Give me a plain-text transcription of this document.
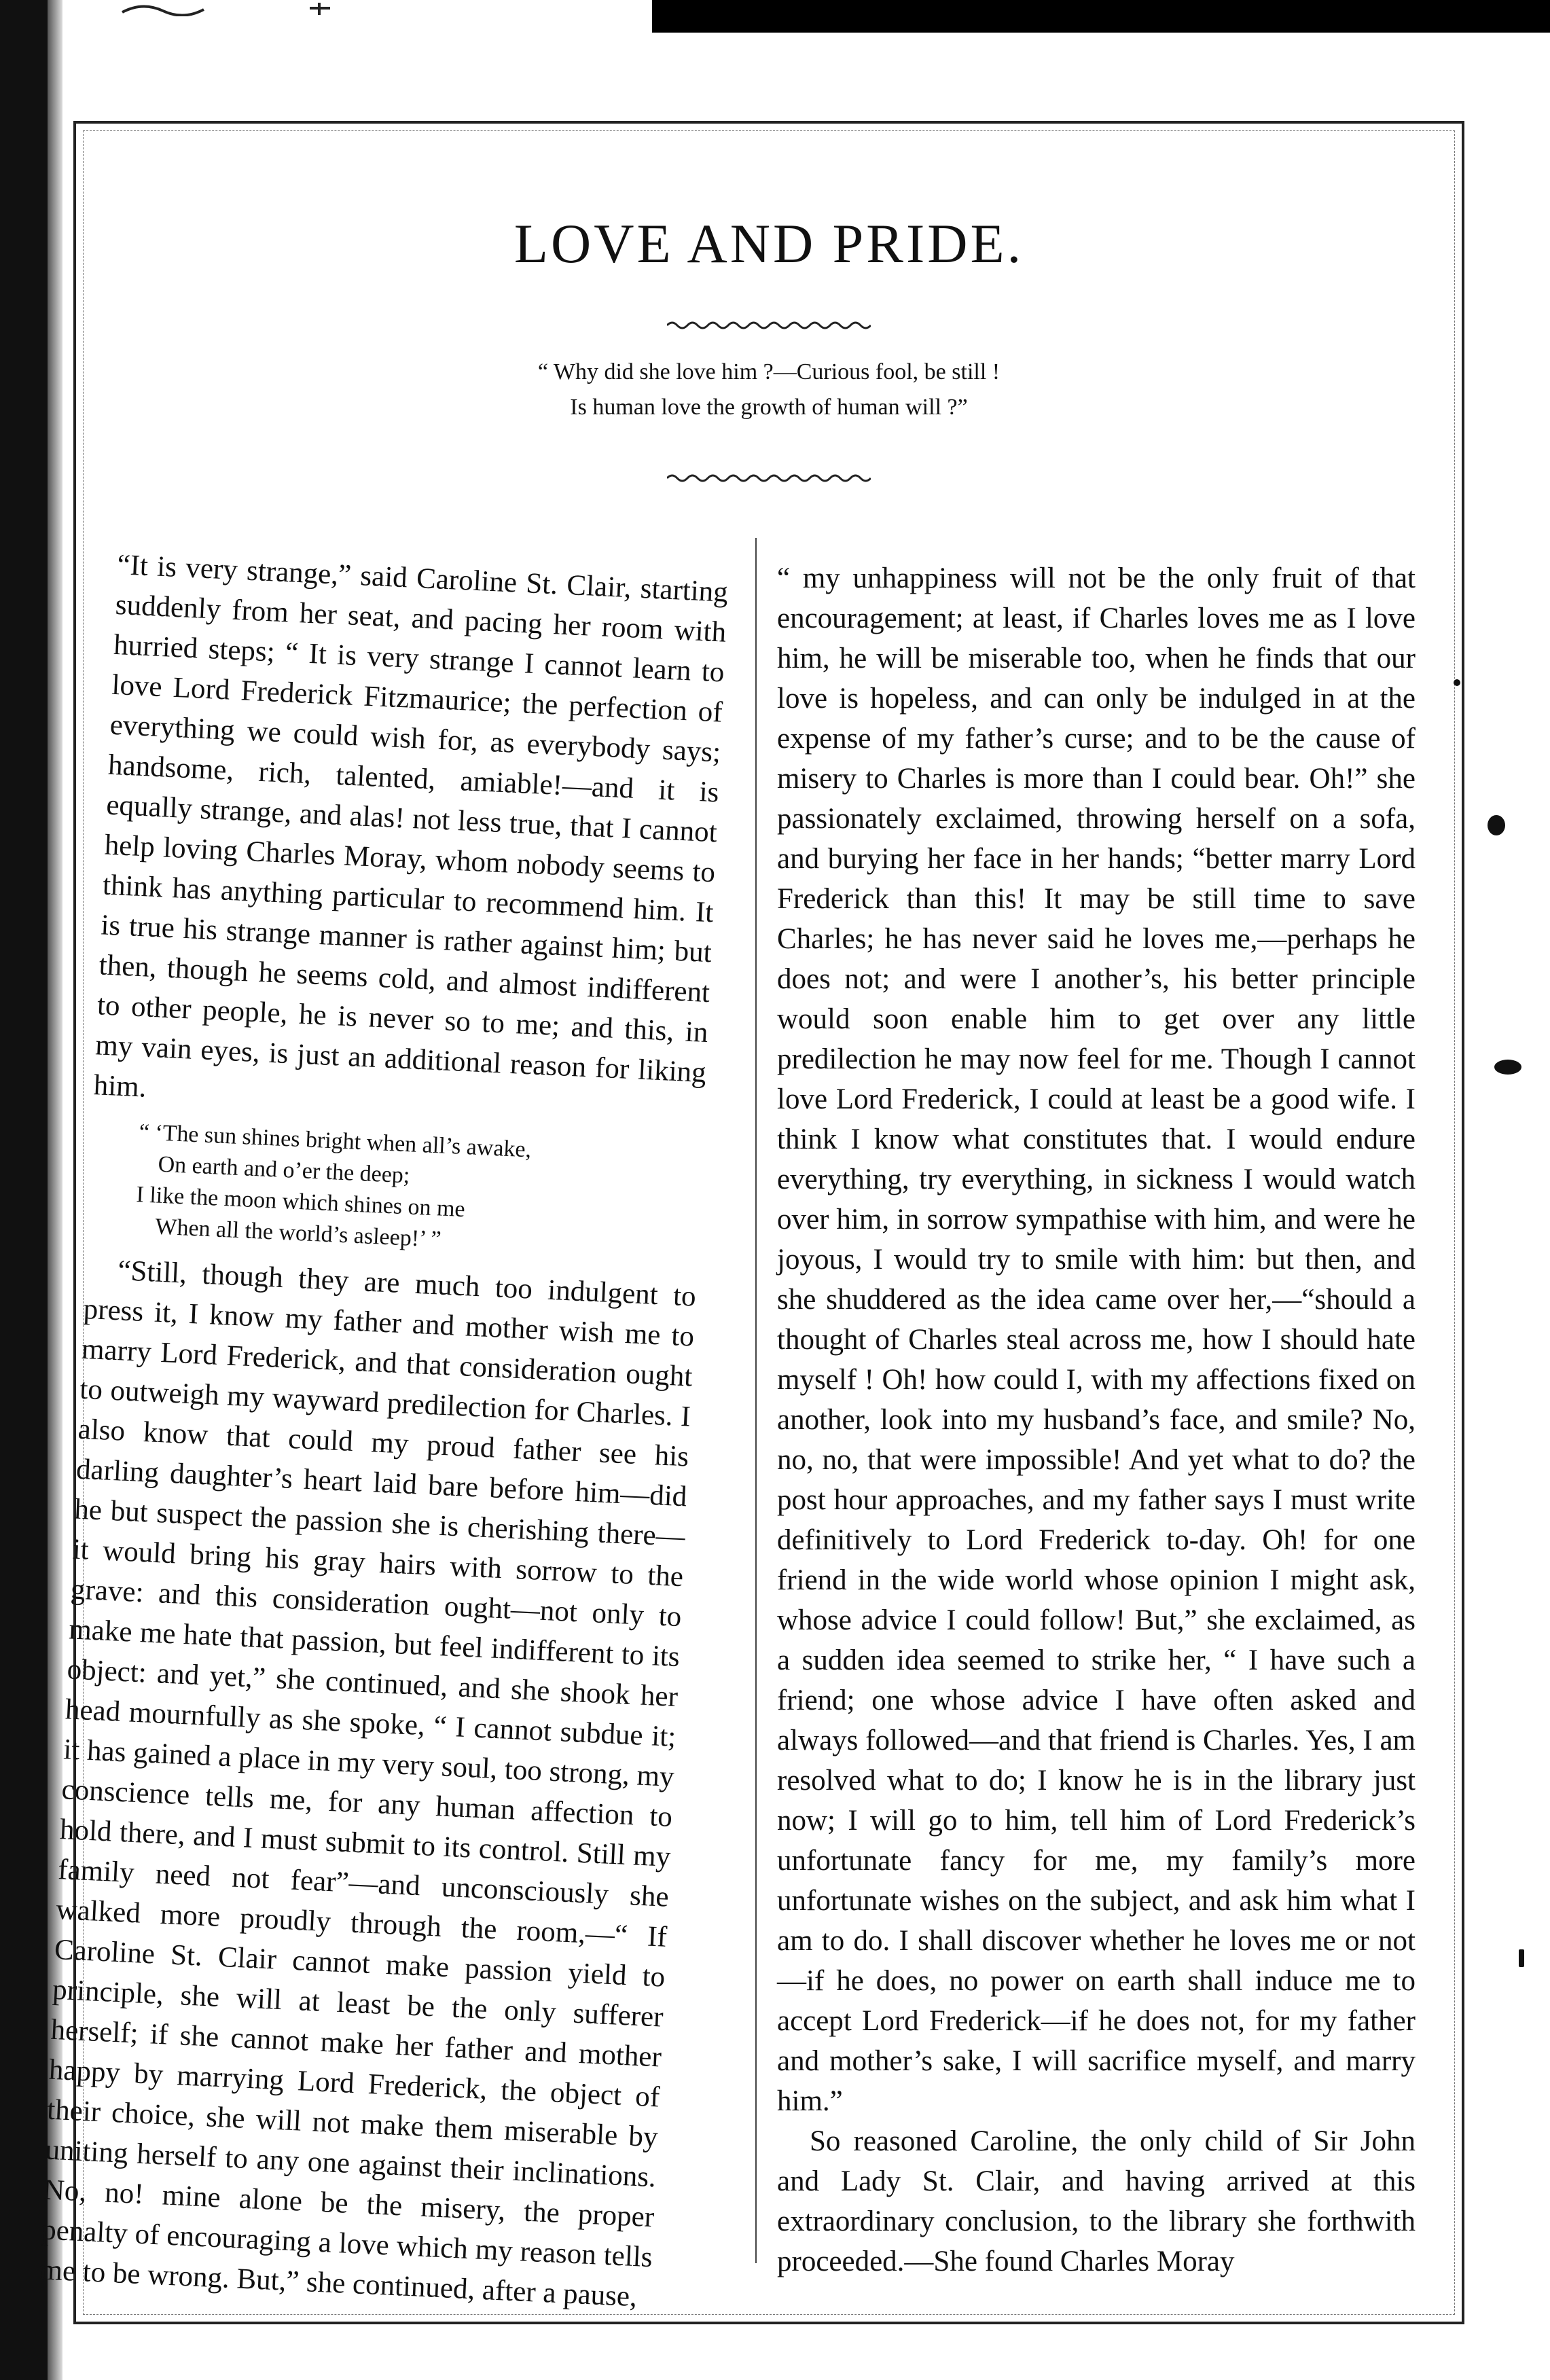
LOVE AND PRIDE.
“ Why did she love him ?—Curious fool, be still !
Is human love the growth of human will ?”

“It is very strange,” said Caroline St. Clair, starting suddenly from her seat, and pacing her room with hurried steps; “ It is very strange I cannot learn to love Lord Frederick Fitzmaurice; the perfection of everything we could wish for, as everybody says; handsome, rich, talented, amiable!—and it is equally strange, and alas! not less true, that I cannot help loving Charles Moray, whom nobody seems to think has anything particular to recommend him. It is true his strange manner is rather against him; but then, though he seems cold, and almost indifferent to other people, he is never so to me; and this, in my vain eyes, is just an additional reason for liking him.

“ ‘The sun shines bright when all’s awake,
On earth and o’er the deep;
I like the moon which shines on me
When all the world’s asleep!’ ”

“Still, though they are much too indulgent to press it, I know my father and mother wish me to marry Lord Frederick, and that consideration ought to outweigh my wayward predilection for Charles. I also know that could my proud father see his darling daughter’s heart laid bare before him—did he but suspect the passion she is cherishing there—it would bring his gray hairs with sorrow to the grave: and this consideration ought—not only to make me hate that passion, but feel indifferent to its object: and yet,” she continued, and she shook her head mournfully as she spoke, “ I cannot subdue it; it has gained a place in my very soul, too strong, my conscience tells me, for any human affection to hold there, and I must submit to its control. Still my family need not fear”—and unconsciously she walked more proudly through the room,—“ If Caroline St. Clair cannot make passion yield to principle, she will at least be the only sufferer herself; if she cannot make her father and mother happy by marrying Lord Frederick, the object of their choice, she will not make them miserable by uniting herself to any one against their inclinations. No, no! mine alone be the misery, the proper penalty of encouraging a love which my reason tells me to be wrong. But,” she continued, after a pause,

“ my unhappiness will not be the only fruit of that encouragement; at least, if Charles loves me as I love him, he will be miserable too, when he finds that our love is hopeless, and can only be indulged in at the expense of my father’s curse; and to be the cause of misery to Charles is more than I could bear. Oh!” she passionately exclaimed, throwing herself on a sofa, and burying her face in her hands; “better marry Lord Frederick than this! It may be still time to save Charles; he has never said he loves me,—perhaps he does not; and were I another’s, his better principle would soon enable him to get over any little predilection he may now feel for me. Though I cannot love Lord Frederick, I could at least be a good wife. I think I know what constitutes that. I would endure everything, try everything, in sickness I would watch over him, in sorrow sympathise with him, and were he joyous, I would try to smile with him: but then, and she shuddered as the idea came over her,—“should a thought of Charles steal across me, how I should hate myself ! Oh! how could I, with my affections fixed on another, look into my husband’s face, and smile? No, no, no, that were impossible! And yet what to do? the post hour approaches, and my father says I must write definitively to Lord Frederick to-day. Oh! for one friend in the wide world whose opinion I might ask, whose advice I could follow! But,” she exclaimed, as a sudden idea seemed to strike her, “ I have such a friend; one whose advice I have often asked and always followed—and that friend is Charles. Yes, I am resolved what to do; I know he is in the library just now; I will go to him, tell him of Lord Frederick’s unfortunate fancy for me, my family’s more unfortunate wishes on the subject, and ask him what I am to do. I shall discover whether he loves me or not—if he does, no power on earth shall induce me to accept Lord Frederick—if he does not, for my father and mother’s sake, I will sacrifice myself, and marry him.”

So reasoned Caroline, the only child of Sir John and Lady St. Clair, and having arrived at this extraordinary conclusion, to the library she forthwith proceeded.—She found Charles Moray
